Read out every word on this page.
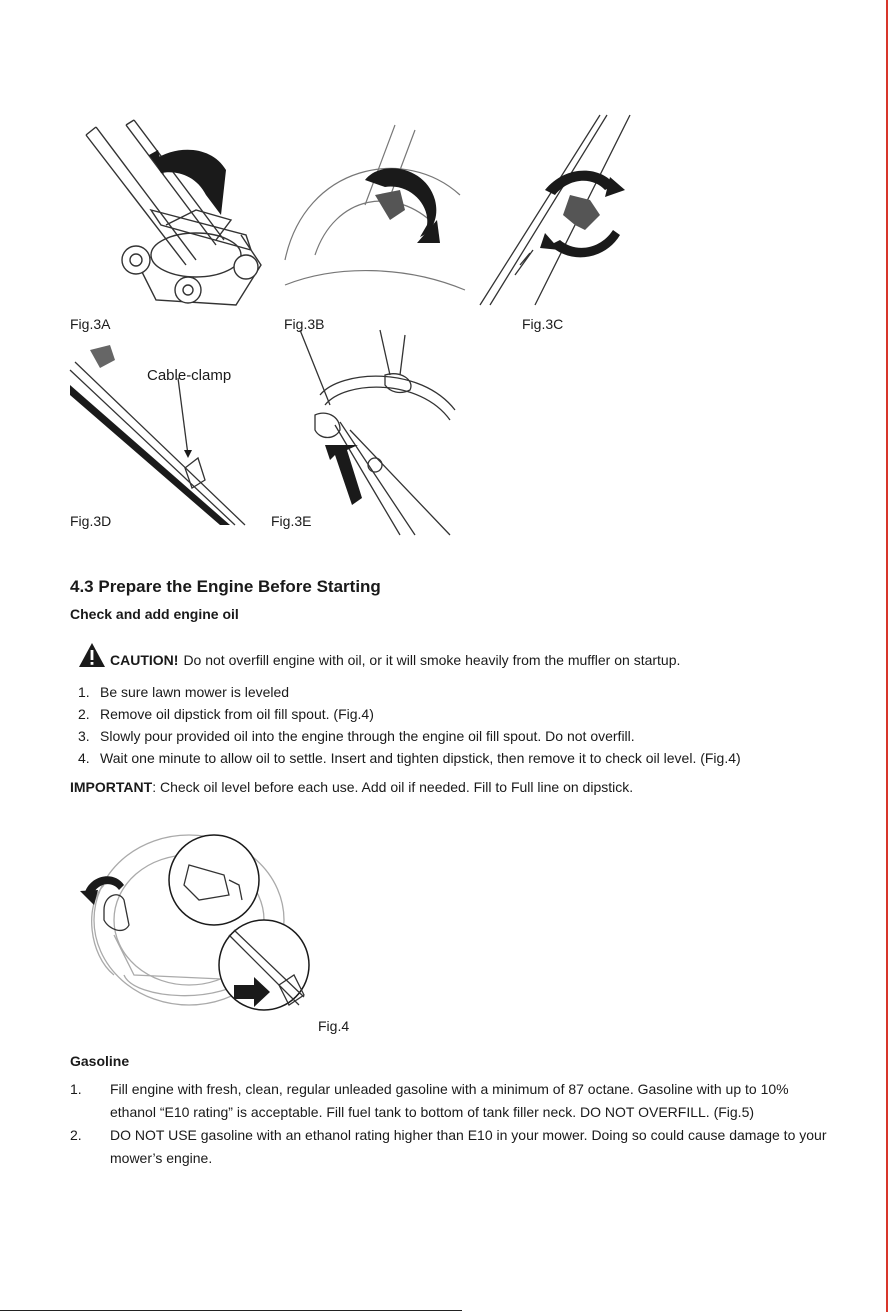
Fig.3A	Fig.3B	Fig.3C
Cable-clamp
Fig.3D	Fig.3E
4.3 Prepare the Engine Before Starting
Check and add engine oil
CAUTION! Do not overfill engine with oil, or it will smoke heavily from the muffler on startup.
1. Be sure lawn mower is leveled
2. Remove oil dipstick from oil fill spout. (Fig.4)
3. Slowly pour provided oil into the engine through the engine oil fill spout. Do not overfill.
4. Wait one minute to allow oil to settle. Insert and tighten dipstick, then remove it to check oil level. (Fig.4)
IMPORTANT: Check oil level before each use. Add oil if needed. Fill to Full line on dipstick.
Fig.4
Gasoline
1.	Fill engine with fresh, clean, regular unleaded gasoline with a minimum of 87 octane. Gasoline with up to 10% ethanol “E10 rating” is acceptable. Fill fuel tank to bottom of tank filler neck. DO NOT OVERFILL. (Fig.5)
2.	DO NOT USE gasoline with an ethanol rating higher than E10 in your mower. Doing so could cause damage to your mower’s engine.
